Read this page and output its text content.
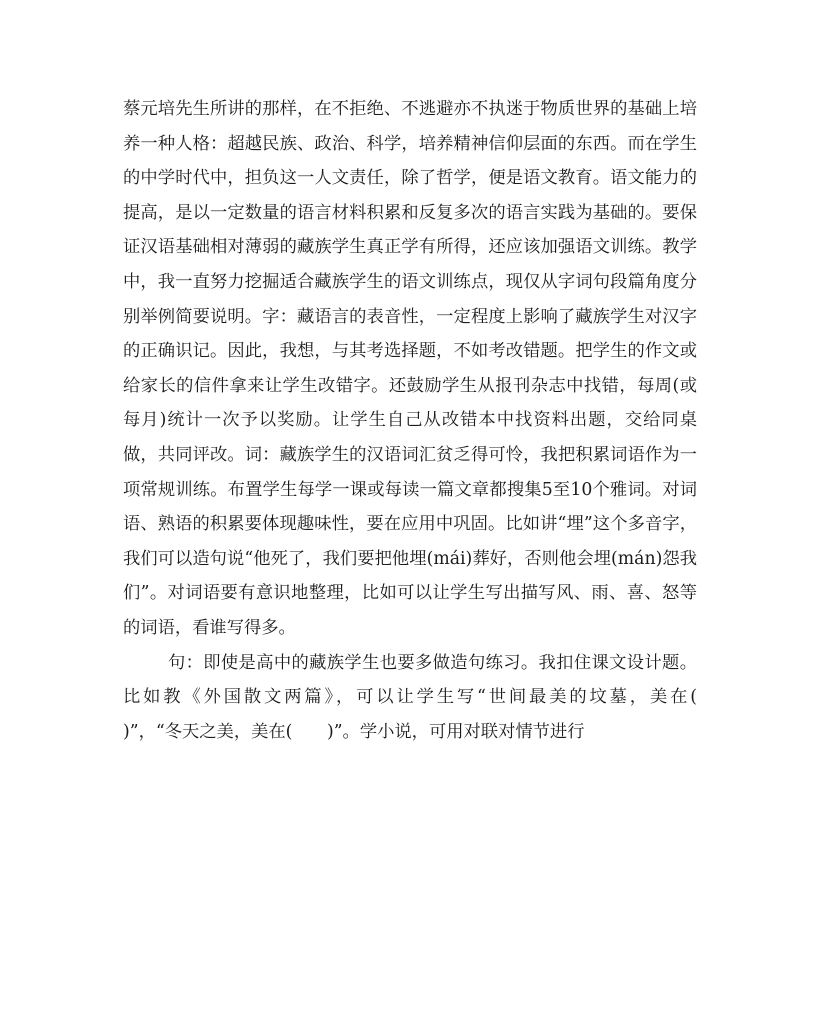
蔡元培先生所讲的那样，在不拒绝、不逃避亦不执迷于物质世界的基础上培养一种人格：超越民族、政治、科学，培养精神信仰层面的东西。而在学生的中学时代中，担负这一人文责任，除了哲学，便是语文教育。语文能力的提高，是以一定数量的语言材料积累和反复多次的语言实践为基础的。要保证汉语基础相对薄弱的藏族学生真正学有所得，还应该加强语文训练。教学中，我一直努力挖掘适合藏族学生的语文训练点，现仅从字词句段篇角度分别举例简要说明。字：藏语言的表音性，一定程度上影响了藏族学生对汉字的正确识记。因此，我想，与其考选择题，不如考改错题。把学生的作文或给家长的信件拿来让学生改错字。还鼓励学生从报刊杂志中找错，每周(或每月)统计一次予以奖励。让学生自己从改错本中找资料出题，交给同桌做，共同评改。词：藏族学生的汉语词汇贫乏得可怜，我把积累词语作为一项常规训练。布置学生每学一课或每读一篇文章都搜集5至10个雅词。对词语、熟语的积累要体现趣味性，要在应用中巩固。比如讲“埋”这个多音字，我们可以造句说“他死了，我们要把他埋(mái)葬好，否则他会埋(mán)怨我们”。对词语要有意识地整理，比如可以让学生写出描写风、雨、喜、怒等的词语，看谁写得多。

句：即使是高中的藏族学生也要多做造句练习。我扣住课文设计题。比如教《外国散文两篇》，可以让学生写“世间最美的坟墓，美在(　　)”，“冬天之美，美在(　　)”。学小说，可用对联对情节进行
